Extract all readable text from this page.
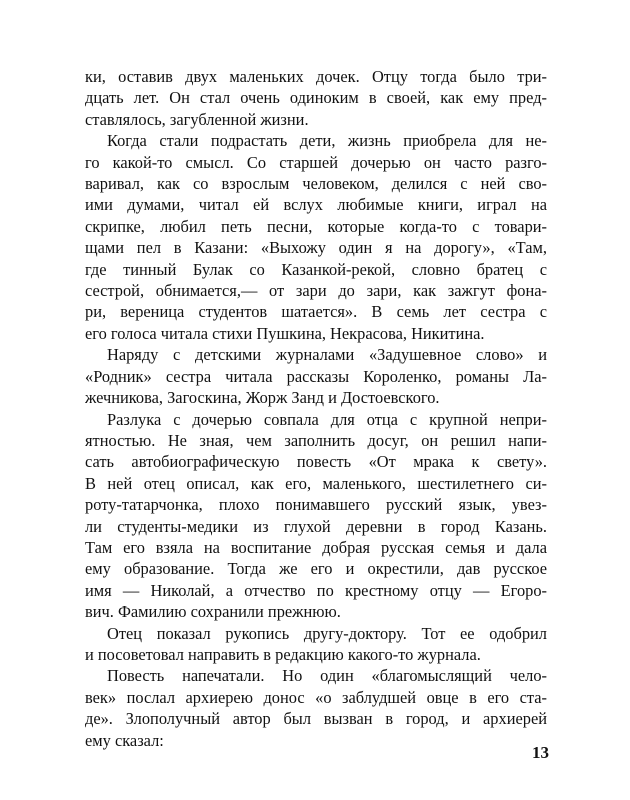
ки, оставив двух маленьких дочек. Отцу тогда было три-
дцать лет. Он стал очень одиноким в своей, как ему пред-
ставлялось, загубленной жизни.

Когда стали подрастать дети, жизнь приобрела для не-
го какой-то смысл. Со старшей дочерью он часто разго-
варивал, как со взрослым человеком, делился с ней сво-
ими думами, читал ей вслух любимые книги, играл на
скрипке, любил петь песни, которые когда-то с товари-
щами пел в Казани: «Выхожу один я на дорогу», «Там,
где тинный Булак со Казанкой-рекой, словно братец с
сестрой, обнимается,— от зари до зари, как зажгут фона-
ри, вереница студентов шатается». В семь лет сестра с
его голоса читала стихи Пушкина, Некрасова, Никитина.

Наряду с детскими журналами «Задушевное слово» и
«Родник» сестра читала рассказы Короленко, романы Ла-
жечникова, Загоскина, Жорж Занд и Достоевского.

Разлука с дочерью совпала для отца с крупной непри-
ятностью. Не зная, чем заполнить досуг, он решил напи-
сать автобиографическую повесть «От мрака к свету».
В ней отец описал, как его, маленького, шестилетнего си-
роту-татарчонка, плохо понимавшего русский язык, увез-
ли студенты-медики из глухой деревни в город Казань.
Там его взяла на воспитание добрая русская семья и дала
ему образование. Тогда же его и окрестили, дав русское
имя — Николай, а отчество по крестному отцу — Егоро-
вич. Фамилию сохранили прежнюю.

Отец показал рукопись другу-доктору. Тот ее одобрил
и посоветовал направить в редакцию какого-то журнала.

Повесть напечатали. Но один «благомыслящий чело-
век» послал архиерею донос «о заблудшей овце в его ста-
де». Злополучный автор был вызван в город, и архиерей
ему сказал:

13
